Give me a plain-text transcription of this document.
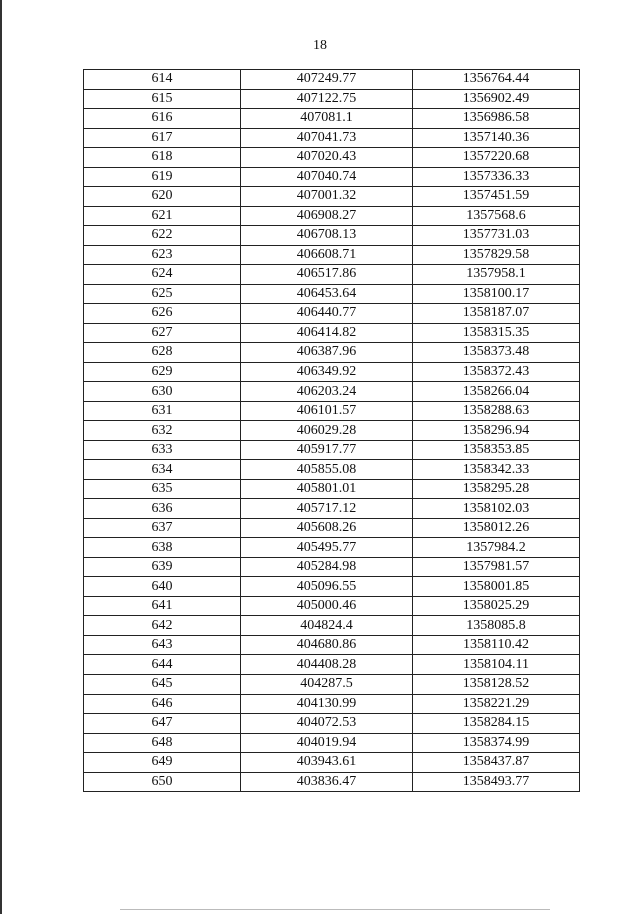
18
614	407249.77	1356764.44
615	407122.75	1356902.49
616	407081.1	1356986.58
617	407041.73	1357140.36
618	407020.43	1357220.68
619	407040.74	1357336.33
620	407001.32	1357451.59
621	406908.27	1357568.6
622	406708.13	1357731.03
623	406608.71	1357829.58
624	406517.86	1357958.1
625	406453.64	1358100.17
626	406440.77	1358187.07
627	406414.82	1358315.35
628	406387.96	1358373.48
629	406349.92	1358372.43
630	406203.24	1358266.04
631	406101.57	1358288.63
632	406029.28	1358296.94
633	405917.77	1358353.85
634	405855.08	1358342.33
635	405801.01	1358295.28
636	405717.12	1358102.03
637	405608.26	1358012.26
638	405495.77	1357984.2
639	405284.98	1357981.57
640	405096.55	1358001.85
641	405000.46	1358025.29
642	404824.4	1358085.8
643	404680.86	1358110.42
644	404408.28	1358104.11
645	404287.5	1358128.52
646	404130.99	1358221.29
647	404072.53	1358284.15
648	404019.94	1358374.99
649	403943.61	1358437.87
650	403836.47	1358493.77
